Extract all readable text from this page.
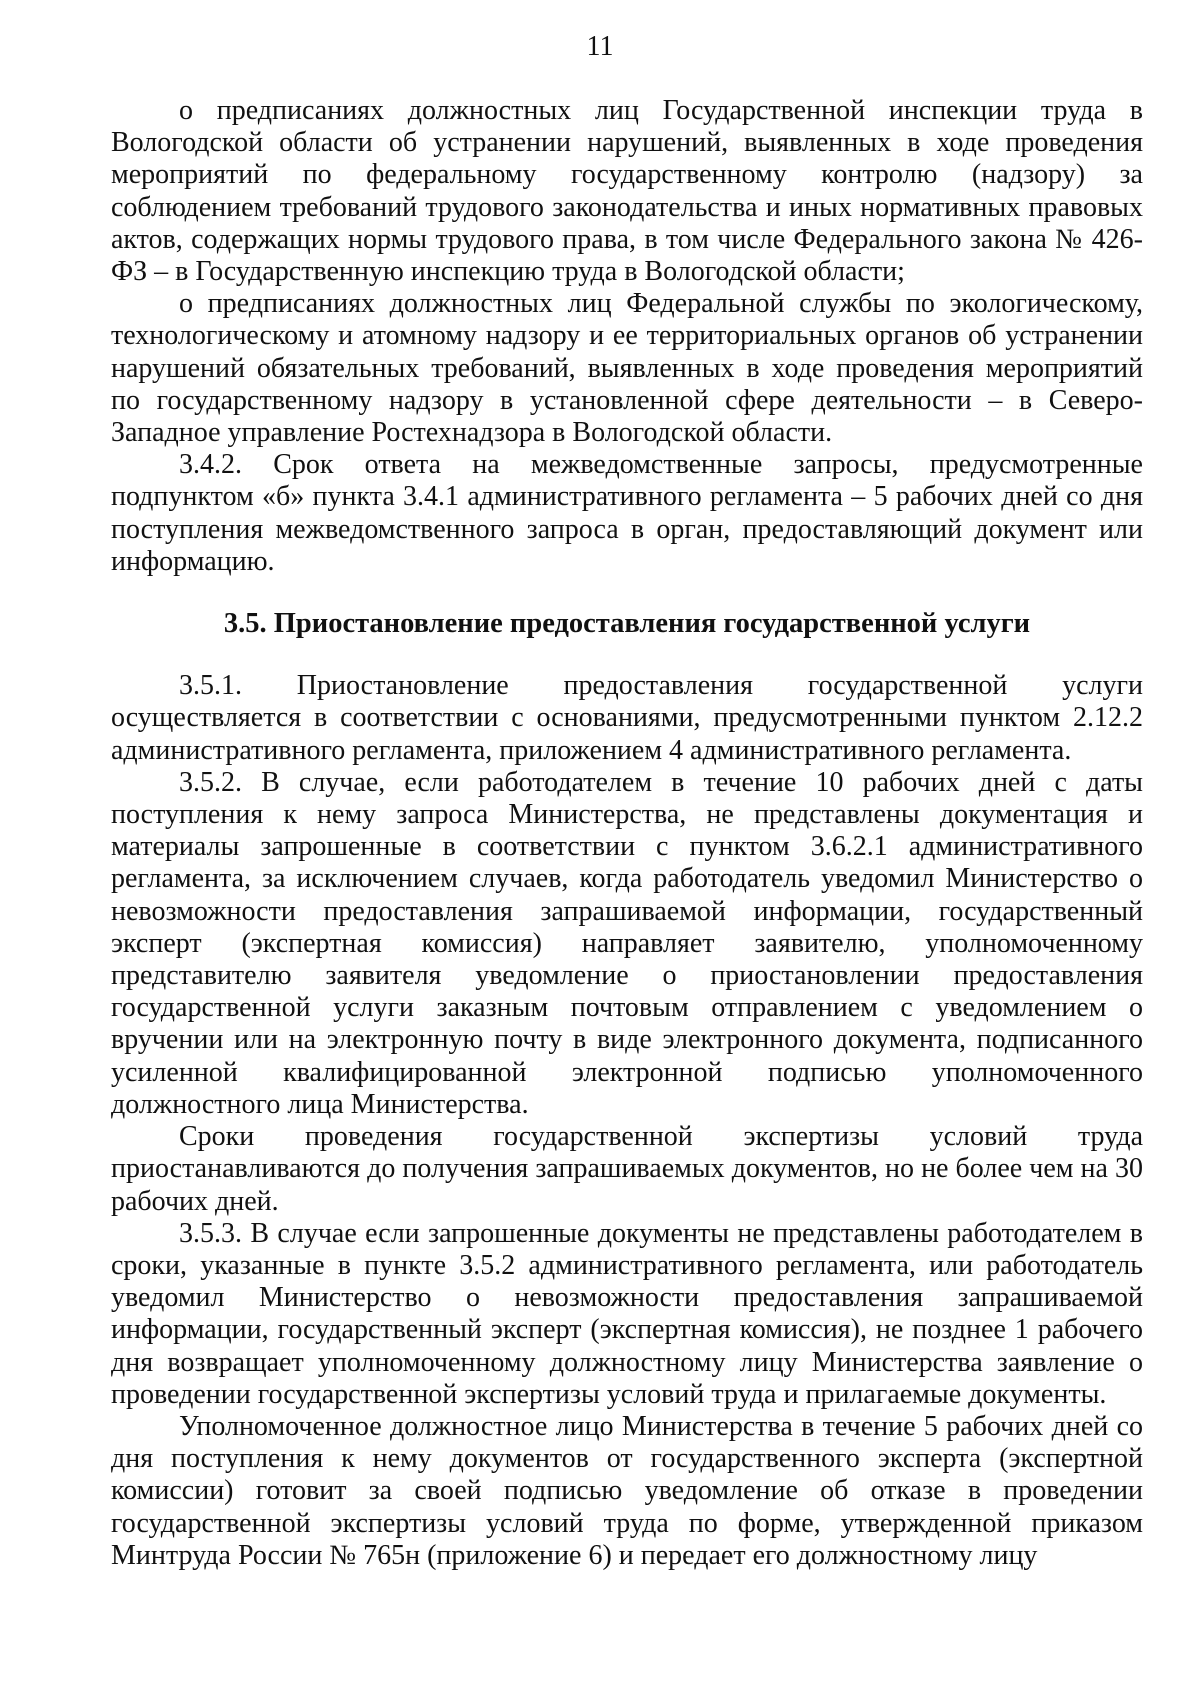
11

о предписаниях должностных лиц Государственной инспекции труда в Вологодской области об устранении нарушений, выявленных в ходе проведения мероприятий по федеральному государственному контролю (надзору) за соблюдением требований трудового законодательства и иных нормативных правовых актов, содержащих нормы трудового права, в том числе Федерального закона № 426-ФЗ – в Государственную инспекцию труда в Вологодской области;

о предписаниях должностных лиц Федеральной службы по экологическому, технологическому и атомному надзору и ее территориальных органов об устранении нарушений обязательных требований, выявленных в ходе проведения мероприятий по государственному надзору в установленной сфере деятельности – в Северо-Западное управление Ростехнадзора в Вологодской области.

3.4.2. Срок ответа на межведомственные запросы, предусмотренные подпунктом «б» пункта 3.4.1 административного регламента – 5 рабочих дней со дня поступления межведомственного запроса в орган, предоставляющий документ или информацию.

3.5. Приостановление предоставления государственной услуги

3.5.1. Приостановление предоставления государственной услуги осуществляется в соответствии с основаниями, предусмотренными пунктом 2.12.2 административного регламента, приложением 4 административного регламента.

3.5.2. В случае, если работодателем в течение 10 рабочих дней с даты поступления к нему запроса Министерства, не представлены документация и материалы запрошенные в соответствии с пунктом 3.6.2.1 административного регламента, за исключением случаев, когда работодатель уведомил Министерство о невозможности предоставления запрашиваемой информации, государственный эксперт (экспертная комиссия) направляет заявителю, уполномоченному представителю заявителя уведомление о приостановлении предоставления государственной услуги заказным почтовым отправлением с уведомлением о вручении или на электронную почту в виде электронного документа, подписанного усиленной квалифицированной электронной подписью уполномоченного должностного лица Министерства.

Сроки проведения государственной экспертизы условий труда приостанавливаются до получения запрашиваемых документов, но не более чем на 30 рабочих дней.

3.5.3. В случае если запрошенные документы не представлены работодателем в сроки, указанные в пункте 3.5.2 административного регламента, или работодатель уведомил Министерство о невозможности предоставления запрашиваемой информации, государственный эксперт (экспертная комиссия), не позднее 1 рабочего дня возвращает уполномоченному должностному лицу Министерства заявление о проведении государственной экспертизы условий труда и прилагаемые документы.

Уполномоченное должностное лицо Министерства в течение 5 рабочих дней со дня поступления к нему документов от государственного эксперта (экспертной комиссии) готовит за своей подписью уведомление об отказе в проведении государственной экспертизы условий труда по форме, утвержденной приказом Минтруда России № 765н (приложение 6) и передает его должностному лицу
